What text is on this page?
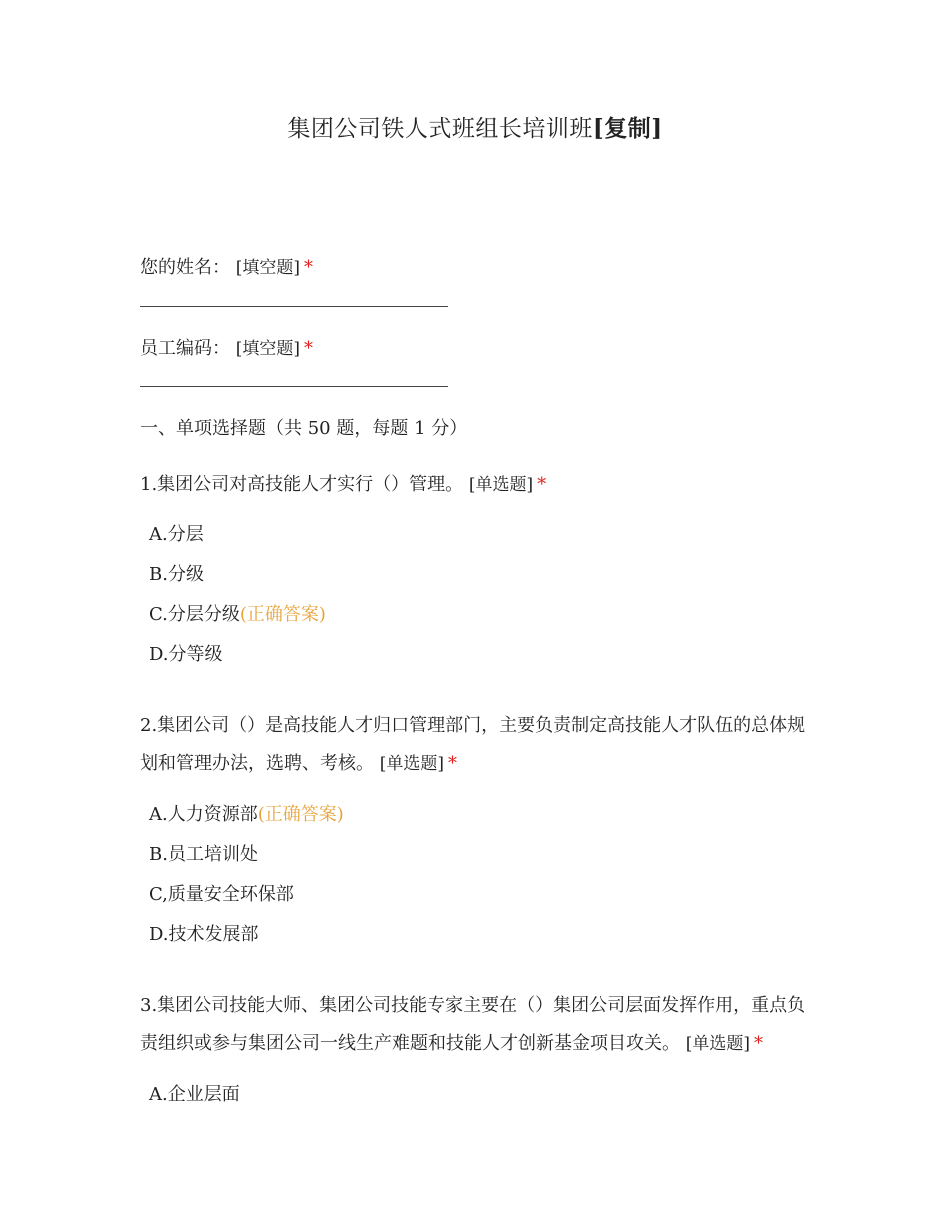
集团公司铁人式班组长培训班[复制]
您的姓名： [填空题] *
员工编码： [填空题] *
一、单项选择题（共 50 题，每题 1 分）
1.集团公司对高技能人才实行（）管理。 [单选题] *
A.分层
B.分级
C.分层分级(正确答案)
D.分等级
2.集团公司（）是高技能人才归口管理部门，主要负责制定高技能人才队伍的总体规划和管理办法，选聘、考核。 [单选题] *
A.人力资源部(正确答案)
B.员工培训处
C,质量安全环保部
D.技术发展部
3.集团公司技能大师、集团公司技能专家主要在（）集团公司层面发挥作用，重点负责组织或参与集团公司一线生产难题和技能人才创新基金项目攻关。 [单选题] *
A.企业层面
